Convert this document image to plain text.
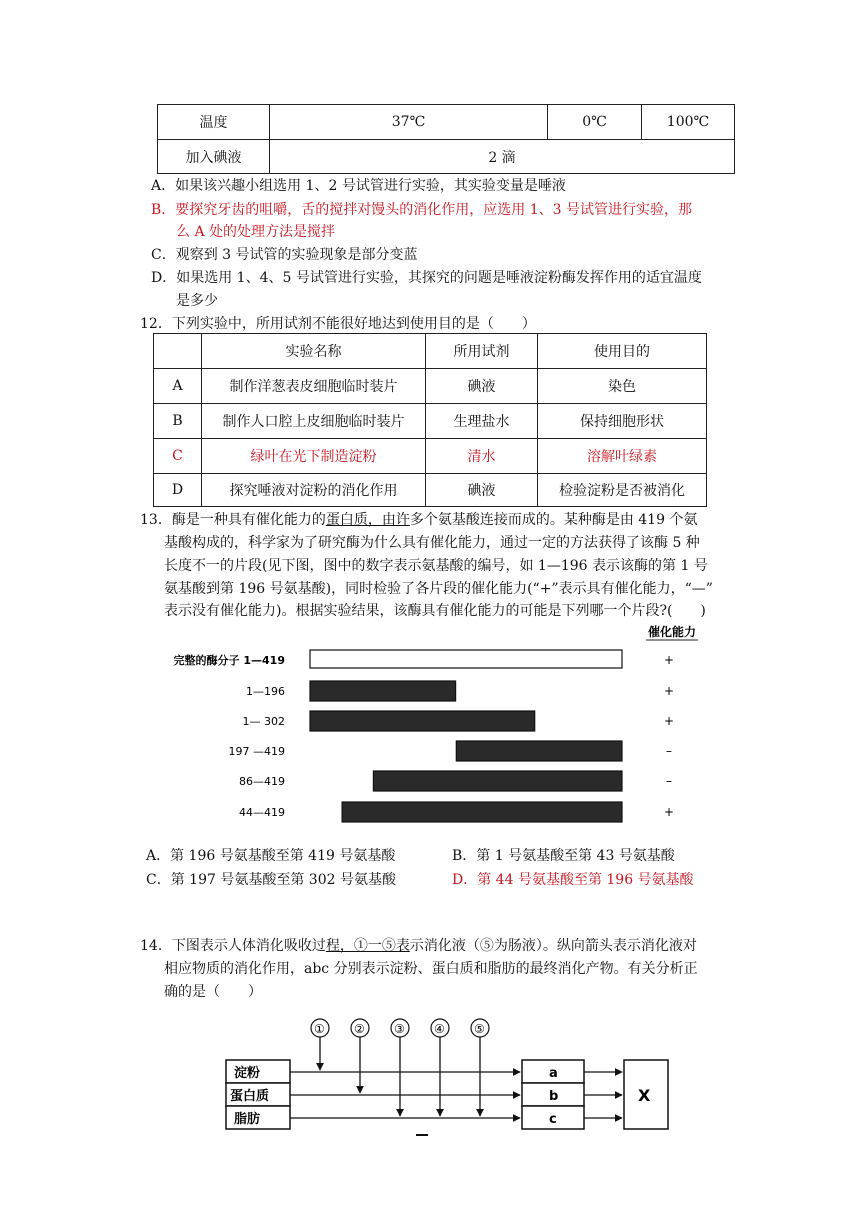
温度	37℃	0℃	100℃
加入碘液	2 滴		
A．如果该兴趣小组选用 1、2 号试管进行实验，其实验变量是唾液
B．要探究牙齿的咀嚼，舌的搅拌对馒头的消化作用，应选用 1、3 号试管进行实验，那
么 A 处的处理方法是搅拌
C．观察到 3 号试管的实验现象是部分变蓝
D．如果选用 1、4、5 号试管进行实验，其探究的问题是唾液淀粉酶发挥作用的适宜温度
是多少
12．下列实验中，所用试剂不能很好地达到使用目的是（　　）
	实验名称	所用试剂	使用目的
A	制作洋葱表皮细胞临时装片	碘液	染色
B	制作人口腔上皮细胞临时装片	生理盐水	保持细胞形状
C	绿叶在光下制造淀粉	清水	溶解叶绿素
D	探究唾液对淀粉的消化作用	碘液	检验淀粉是否被消化
13．酶是一种具有催化能力的蛋白质，由许多个氨基酸连接而成的。某种酶是由 419 个氨
基酸构成的，科学家为了研究酶为什么具有催化能力，通过一定的方法获得了该酶 5 种
长度不一的片段(见下图，图中的数字表示氨基酸的编号，如 1—196 表示该酶的第 1 号
氨基酸到第 196 号氨基酸)，同时检验了各片段的催化能力(“+”表示具有催化能力，“—”
表示没有催化能力)。根据实验结果，该酶具有催化能力的可能是下列哪一个片段?(　　)
催化能力
完整的酶分子 1—419	+
1—196	+
1— 302	+
197 —419	–
86—419	–
44—419	+
A．第 196 号氨基酸至第 419 号氨基酸	B．第 1 号氨基酸至第 43 号氨基酸
C．第 197 号氨基酸至第 302 号氨基酸	D．第 44 号氨基酸至第 196 号氨基酸
14．下图表示人体消化吸收过程，①一⑤表示消化液（⑤为肠液）。纵向箭头表示消化液对
相应物质的消化作用，abc 分别表示淀粉、蛋白质和脂肪的最终消化产物。有关分析正
确的是（　　）
淀粉
蛋白质
脂肪
① ② ③ ④ ⑤
a
b
c
X
